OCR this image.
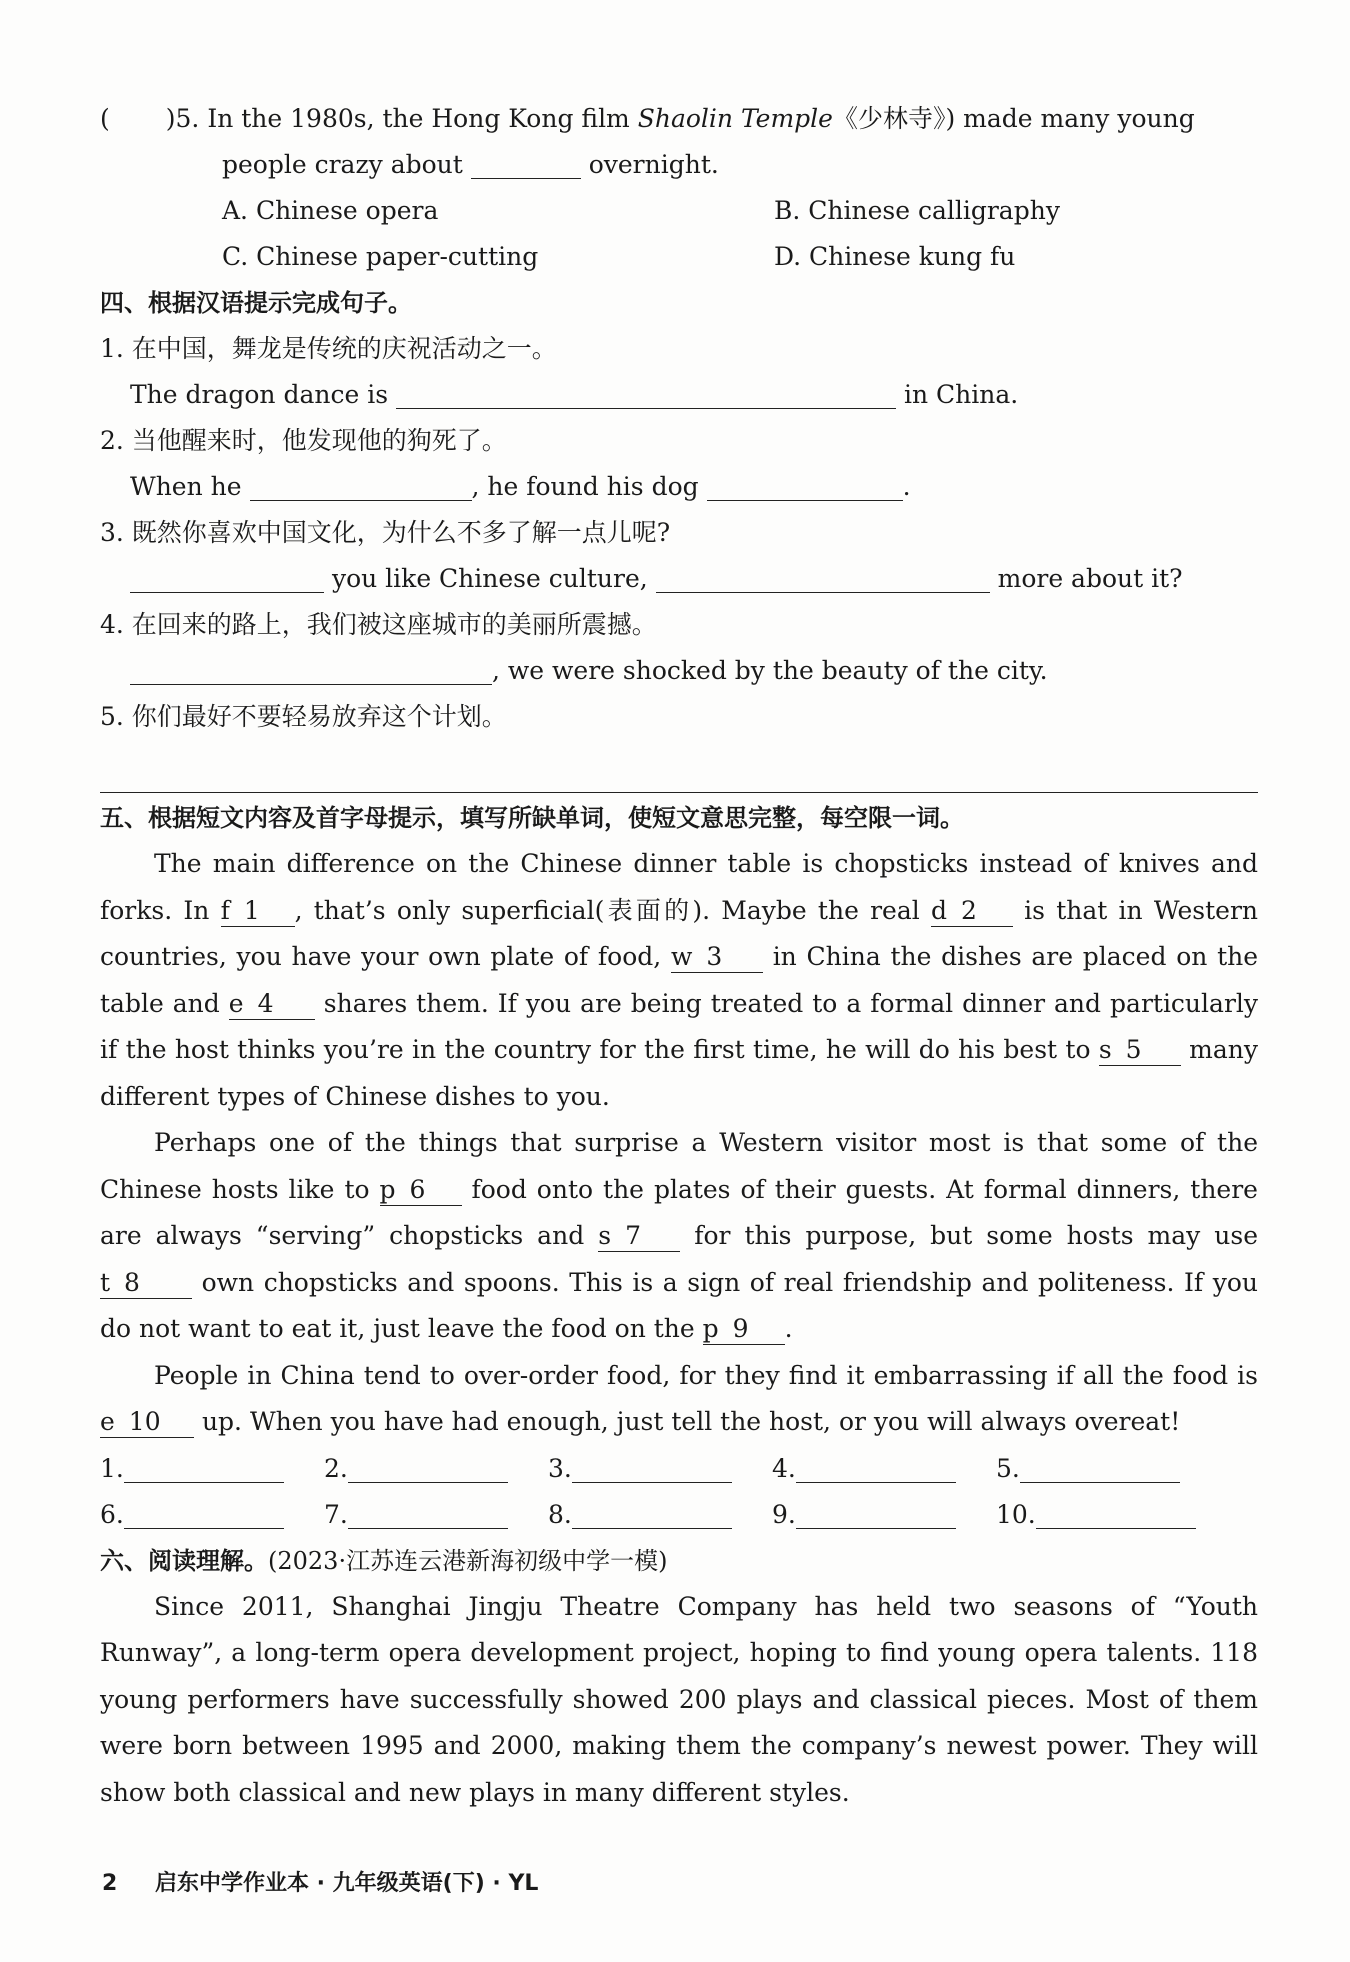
( )5. In the 1980s, the Hong Kong film Shaolin Temple《少林寺》) made many young
people crazy about	overnight.
A. Chinese opera	B. Chinese calligraphy
C. Chinese paper-cutting	D. Chinese kung fu
四、根据汉语提示完成句子。
1. 在中国，舞龙是传统的庆祝活动之一。
The dragon dance is	in China.
2. 当他醒来时，他发现他的狗死了。
When he	, he found his dog	.
3. 既然你喜欢中国文化，为什么不多了解一点儿呢?
you like Chinese culture,	more about it?
4. 在回来的路上，我们被这座城市的美丽所震撼。
, we were shocked by the beauty of the city.
5. 你们最好不要轻易放弃这个计划。
五、根据短文内容及首字母提示，填写所缺单词，使短文意思完整，每空限一词。

The main difference on the Chinese dinner table is chopsticks instead of knives and forks. In f 1 , that’s only superficial(表面的). Maybe the real d 2 is that in Western countries, you have your own plate of food, w 3 in China the dishes are placed on the table and e 4 shares them. If you are being treated to a formal dinner and particularly if the host thinks you’re in the country for the first time, he will do his best to s 5 many different types of Chinese dishes to you.

Perhaps one of the things that surprise a Western visitor most is that some of the Chinese hosts like to p 6 food onto the plates of their guests. At formal dinners, there are always “serving” chopsticks and s 7 for this purpose, but some hosts may use t 8 own chopsticks and spoons. This is a sign of real friendship and politeness. If you do not want to eat it, just leave the food on the p 9 .

People in China tend to over-order food, for they find it embarrassing if all the food is e 10 up. When you have had enough, just tell the host, or you will always overeat!

1.	2.	3.	4.	5.
6.	7.	8.	9.	10.
六、阅读理解。(2023·江苏连云港新海初级中学一模)

Since 2011, Shanghai Jingju Theatre Company has held two seasons of “Youth Runway”, a long-term opera development project, hoping to find young opera talents. 118 young performers have successfully showed 200 plays and classical pieces. Most of them were born between 1995 and 2000, making them the company’s newest power. They will show both classical and new plays in many different styles.

2 启东中学作业本 · 九年级英语(下) · YL
